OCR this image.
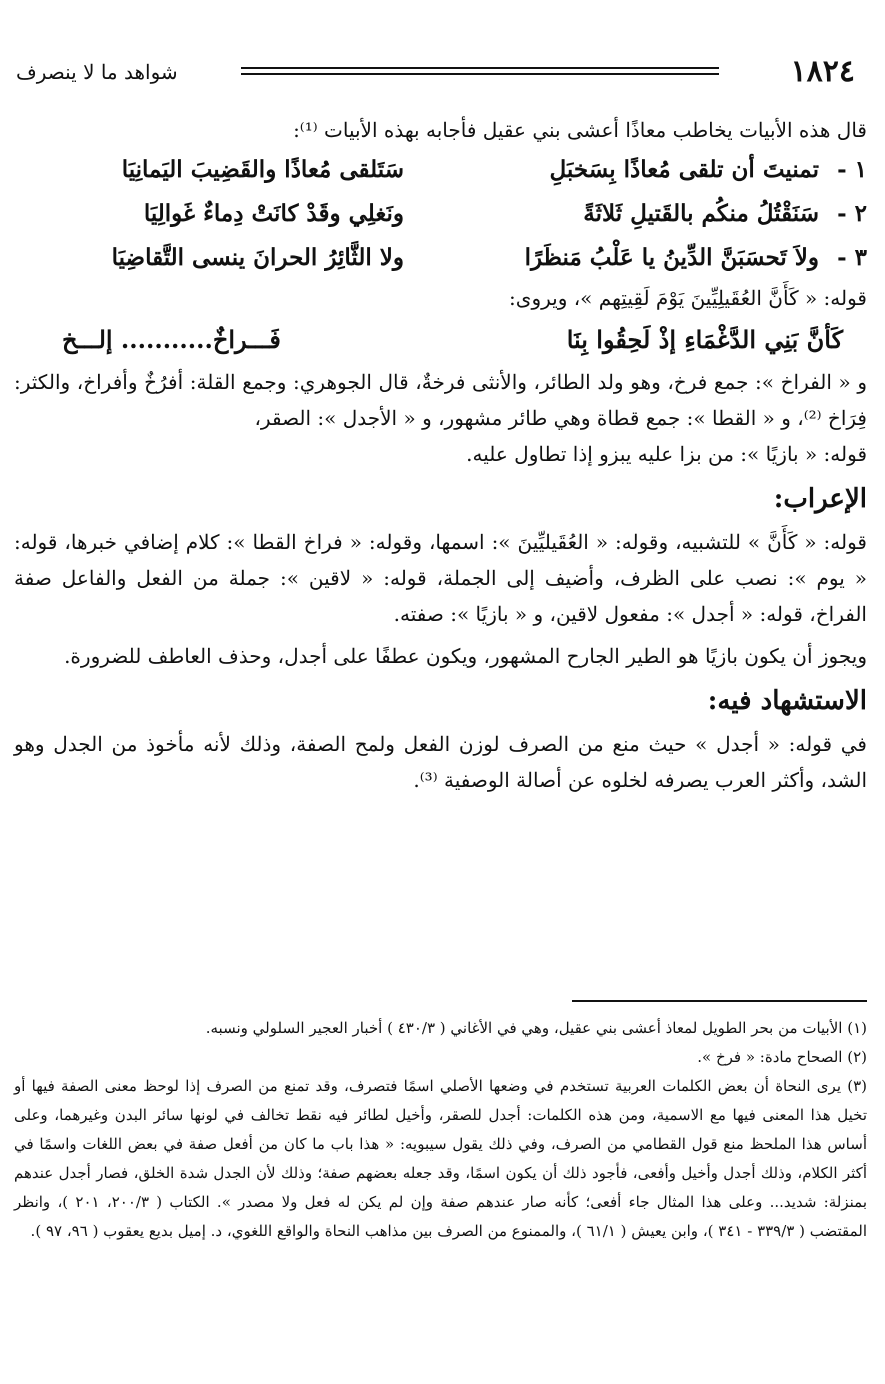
١٨٢٤
شواهد ما لا ينصرف

قال هذه الأبيات يخاطب معاذًا أعشى بني عقيل فأجابه بهذه الأبيات ⁽¹⁾:

١ -
تمنيتَ أن تلقى مُعاذًا بِسَخبَلِ
سَتَلقى مُعاذًا والقَضِيبَ اليَمانِيَا
٢ -
سَنَقْتُلُ منكُم بالقَتيلِ ثَلاثَةً
ونَغلِي وقَدْ كانَتْ دِماءٌ غَوالِيَا
٣ -
ولاَ تَحسَبَنَّ الدِّينُ يا عَلْبُ مَنظَرًا
ولا الثَّائِرُ الحرانَ ينسى التَّقاضِيَا

قوله: « كَأَنَّ العُقَيلِيِّينَ يَوْمَ لَقِيتِهم »، ويروى:

كَأنَّ بَنِي الدَّغْمَاءِ إذْ لَحِقُوا بِنَا
فَـــراخٌ........... إلـــخ

و « الفراخ »: جمع فرخ، وهو ولد الطائر، والأنثى فرخةٌ، قال الجوهري: وجمع القلة: أفرُخٌ وأفراخ، والكثر: فِرَاخ ⁽²⁾، و « القطا »: جمع قطاة وهي طائر مشهور، و « الأجدل »: الصقر،

قوله: « بازيًا »: من بزا عليه يبزو إذا تطاول عليه.

الإعراب:

قوله: « كَأَنَّ » للتشبيه، وقوله: « العُقَيليِّينَ »: اسمها، وقوله: « فراخ القطا »: كلام إضافي خبرها، قوله: « يوم »: نصب على الظرف، وأضيف إلى الجملة، قوله: « لاقين »: جملة من الفعل والفاعل صفة الفراخ، قوله: « أجدل »: مفعول لاقين، و « بازيًا »: صفته.

ويجوز أن يكون بازيًا هو الطير الجارح المشهور، ويكون عطفًا على أجدل، وحذف العاطف للضرورة.

الاستشهاد فيه:

في قوله: « أجدل » حيث منع من الصرف لوزن الفعل ولمح الصفة، وذلك لأنه مأخوذ من الجدل وهو الشد، وأكثر العرب يصرفه لخلوه عن أصالة الوصفية ⁽³⁾.

(١) الأبيات من بحر الطويل لمعاذ أعشى بني عقيل، وهي في الأغاني ( ٤٣٠/٣ ) أخبار العجير السلولي ونسبه.

(٢) الصحاح مادة: « فرخ ».

(٣) يرى النحاة أن بعض الكلمات العربية تستخدم في وضعها الأصلي اسمًا فتصرف، وقد تمنع من الصرف إذا لوحظ معنى الصفة فيها أو تخيل هذا المعنى فيها مع الاسمية، ومن هذه الكلمات: أجدل للصقر، وأخيل لطائر فيه نقط تخالف في لونها سائر البدن وغيرهما، وعلى أساس هذا الملحظ منع قول القطامي من الصرف، وفي ذلك يقول سيبويه: « هذا باب ما كان من أفعل صفة في بعض اللغات واسمًا في أكثر الكلام، وذلك أجدل وأخيل وأفعى، فأجود ذلك أن يكون اسمًا، وقد جعله بعضهم صفة؛ وذلك لأن الجدل شدة الخلق، فصار أجدل عندهم بمنزلة: شديد... وعلى هذا المثال جاء أفعى؛ كأنه صار عندهم صفة وإن لم يكن له فعل ولا مصدر ». الكتاب ( ٢٠٠/٣، ٢٠١ )، وانظر المقتضب ( ٣٣٩/٣ - ٣٤١ )، وابن يعيش ( ٦١/١ )، والممنوع من الصرف بين مذاهب النحاة والواقع اللغوي، د. إميل بديع يعقوب ( ٩٦، ٩٧ ).
